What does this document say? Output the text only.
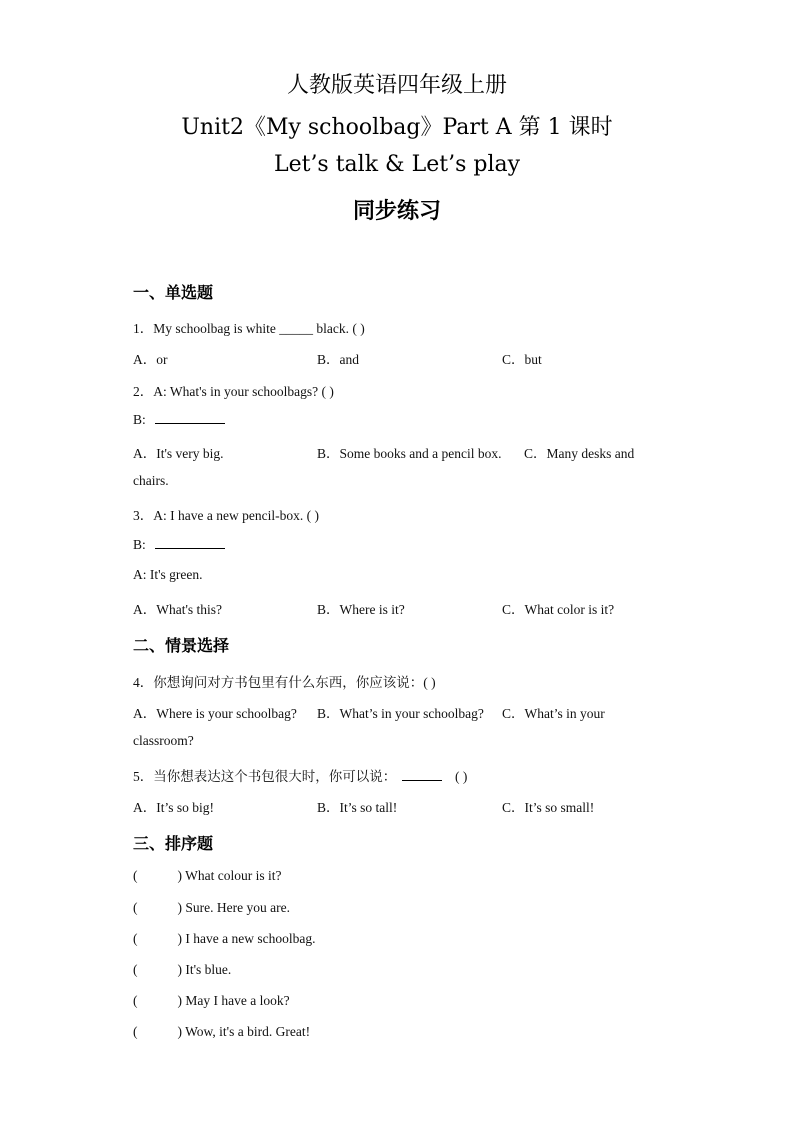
人教版英语四年级上册
Unit2《My schoolbag》Part A 第 1 课时
Let’s talk & Let’s play
同步练习
一、单选题
1．My schoolbag is white _____ black. ( )
A．or	B．and	C．but
2．A: What's in your schoolbags? ( )
B:
A．It's very big.	B．Some books and a pencil box. C．Many desks and
chairs.
3．A: I have a new pencil-box. ( )
B:
A: It's green.
A．What's this?	B．Where is it?	C．What color is it?
二、情景选择
4．你想询问对方书包里有什么东西，你应该说：( )
A．Where is your schoolbag? B．What’s in your schoolbag? C．What’s in your
classroom?
5．当你想表达这个书包很大时，你可以说：	( )
A．It’s so big!	B．It’s so tall!	C．It’s so small!
三、排序题
(	) What colour is it?
(	) Sure. Here you are.
(	) I have a new schoolbag.
(	) It's blue.
(	) May I have a look?
(	) Wow, it's a bird. Great!
